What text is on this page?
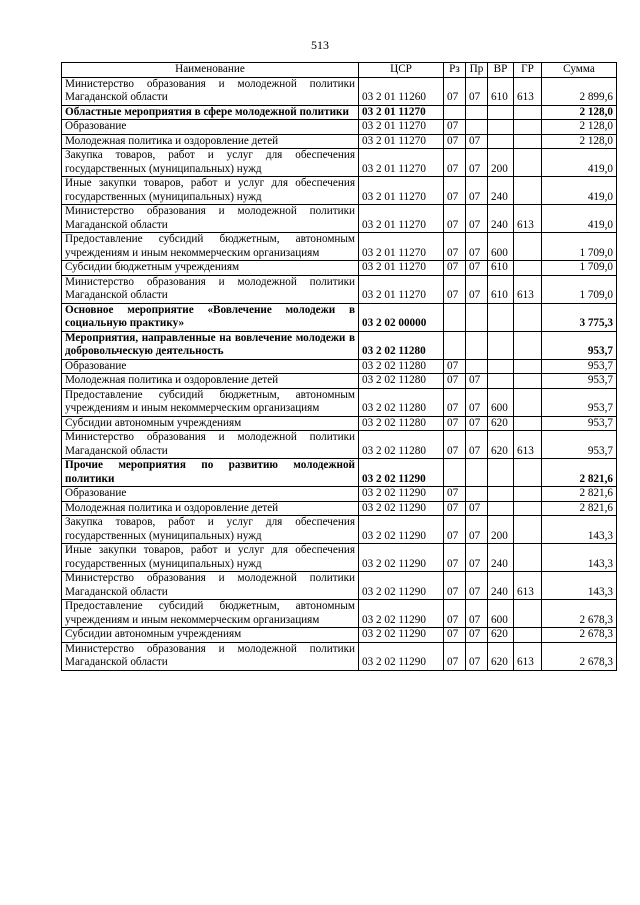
513
Наименование	ЦСР	Рз	Пр	ВР	ГР	Сумма
Министерство образования и молодежной политики Магаданской области	03 2 01 11260	07	07	610	613	2 899,6
Областные мероприятия в сфере молодежной политики	03 2 01 11270					2 128,0
Образование	03 2 01 11270	07				2 128,0
Молодежная политика и оздоровление детей	03 2 01 11270	07	07			2 128,0
Закупка товаров, работ и услуг для обеспечения государственных (муниципальных) нужд	03 2 01 11270	07	07	200		419,0
Иные закупки товаров, работ и услуг для обеспечения государственных (муниципальных) нужд	03 2 01 11270	07	07	240		419,0
Министерство образования и молодежной политики Магаданской области	03 2 01 11270	07	07	240	613	419,0
Предоставление субсидий бюджетным, автономным учреждениям и иным некоммерческим организациям	03 2 01 11270	07	07	600		1 709,0
Субсидии бюджетным учреждениям	03 2 01 11270	07	07	610		1 709,0
Министерство образования и молодежной политики Магаданской области	03 2 01 11270	07	07	610	613	1 709,0
Основное мероприятие «Вовлечение молодежи в социальную практику»	03 2 02 00000					3 775,3
Мероприятия, направленные на вовлечение молодежи в добровольческую деятельность	03 2 02 11280					953,7
Образование	03 2 02 11280	07				953,7
Молодежная политика и оздоровление детей	03 2 02 11280	07	07			953,7
Предоставление субсидий бюджетным, автономным учреждениям и иным некоммерческим организациям	03 2 02 11280	07	07	600		953,7
Субсидии автономным учреждениям	03 2 02 11280	07	07	620		953,7
Министерство образования и молодежной политики Магаданской области	03 2 02 11280	07	07	620	613	953,7
Прочие мероприятия по развитию молодежной политики	03 2 02 11290					2 821,6
Образование	03 2 02 11290	07				2 821,6
Молодежная политика и оздоровление детей	03 2 02 11290	07	07			2 821,6
Закупка товаров, работ и услуг для обеспечения государственных (муниципальных) нужд	03 2 02 11290	07	07	200		143,3
Иные закупки товаров, работ и услуг для обеспечения государственных (муниципальных) нужд	03 2 02 11290	07	07	240		143,3
Министерство образования и молодежной политики Магаданской области	03 2 02 11290	07	07	240	613	143,3
Предоставление субсидий бюджетным, автономным учреждениям и иным некоммерческим организациям	03 2 02 11290	07	07	600		2 678,3
Субсидии автономным учреждениям	03 2 02 11290	07	07	620		2 678,3
Министерство образования и молодежной политики Магаданской области	03 2 02 11290	07	07	620	613	2 678,3
